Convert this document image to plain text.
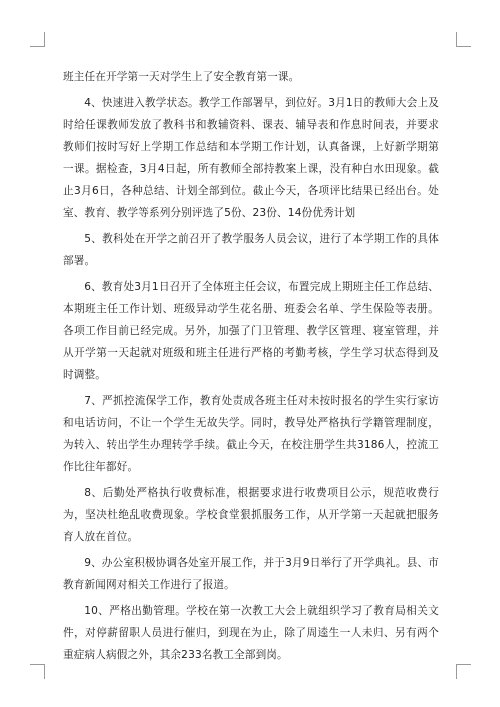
班主任在开学第一天对学生上了安全教育第一课。

4、快速进入教学状态。教学工作部署早，到位好。3月1日的教师大会上及时给任课教师发放了教科书和教辅资料、课表、辅导表和作息时间表，并要求教师们按时写好上学期工作总结和本学期工作计划，认真备课，上好新学期第一课。据检查，3月4日起，所有教师全部持教案上课，没有种白水田现象。截止3月6日，各种总结、计划全部到位。截止今天，各项评比结果已经出台。处室、教育、教学等系列分别评选了5份、23份、14份优秀计划

5、教科处在开学之前召开了教学服务人员会议，进行了本学期工作的具体部署。

6、教育处3月1日召开了全体班主任会议，布置完成上期班主任工作总结、本期班主任工作计划、班级异动学生花名册、班委会名单、学生保险等表册。各项工作目前已经完成。另外，加强了门卫管理、教学区管理、寝室管理，并从开学第一天起就对班级和班主任进行严格的考勤考核，学生学习状态得到及时调整。

7、严抓控流保学工作，教育处责成各班主任对未按时报名的学生实行家访和电话访问，不让一个学生无故失学。同时，教导处严格执行学籍管理制度，为转入、转出学生办理转学手续。截止今天，在校注册学生共3186人，控流工作比往年都好。

8、后勤处严格执行收费标准，根据要求进行收费项目公示，规范收费行为，坚决杜绝乱收费现象。学校食堂狠抓服务工作，从开学第一天起就把服务育人放在首位。

9、办公室积极协调各处室开展工作，并于3月9日举行了开学典礼。县、市教育新闻网对相关工作进行了报道。

10、严格出勤管理。学校在第一次教工大会上就组织学习了教育局相关文件，对停薪留职人员进行催归，到现在为止，除了周逵生一人未归、另有两个重症病人病假之外，其余233名教工全部到岗。
